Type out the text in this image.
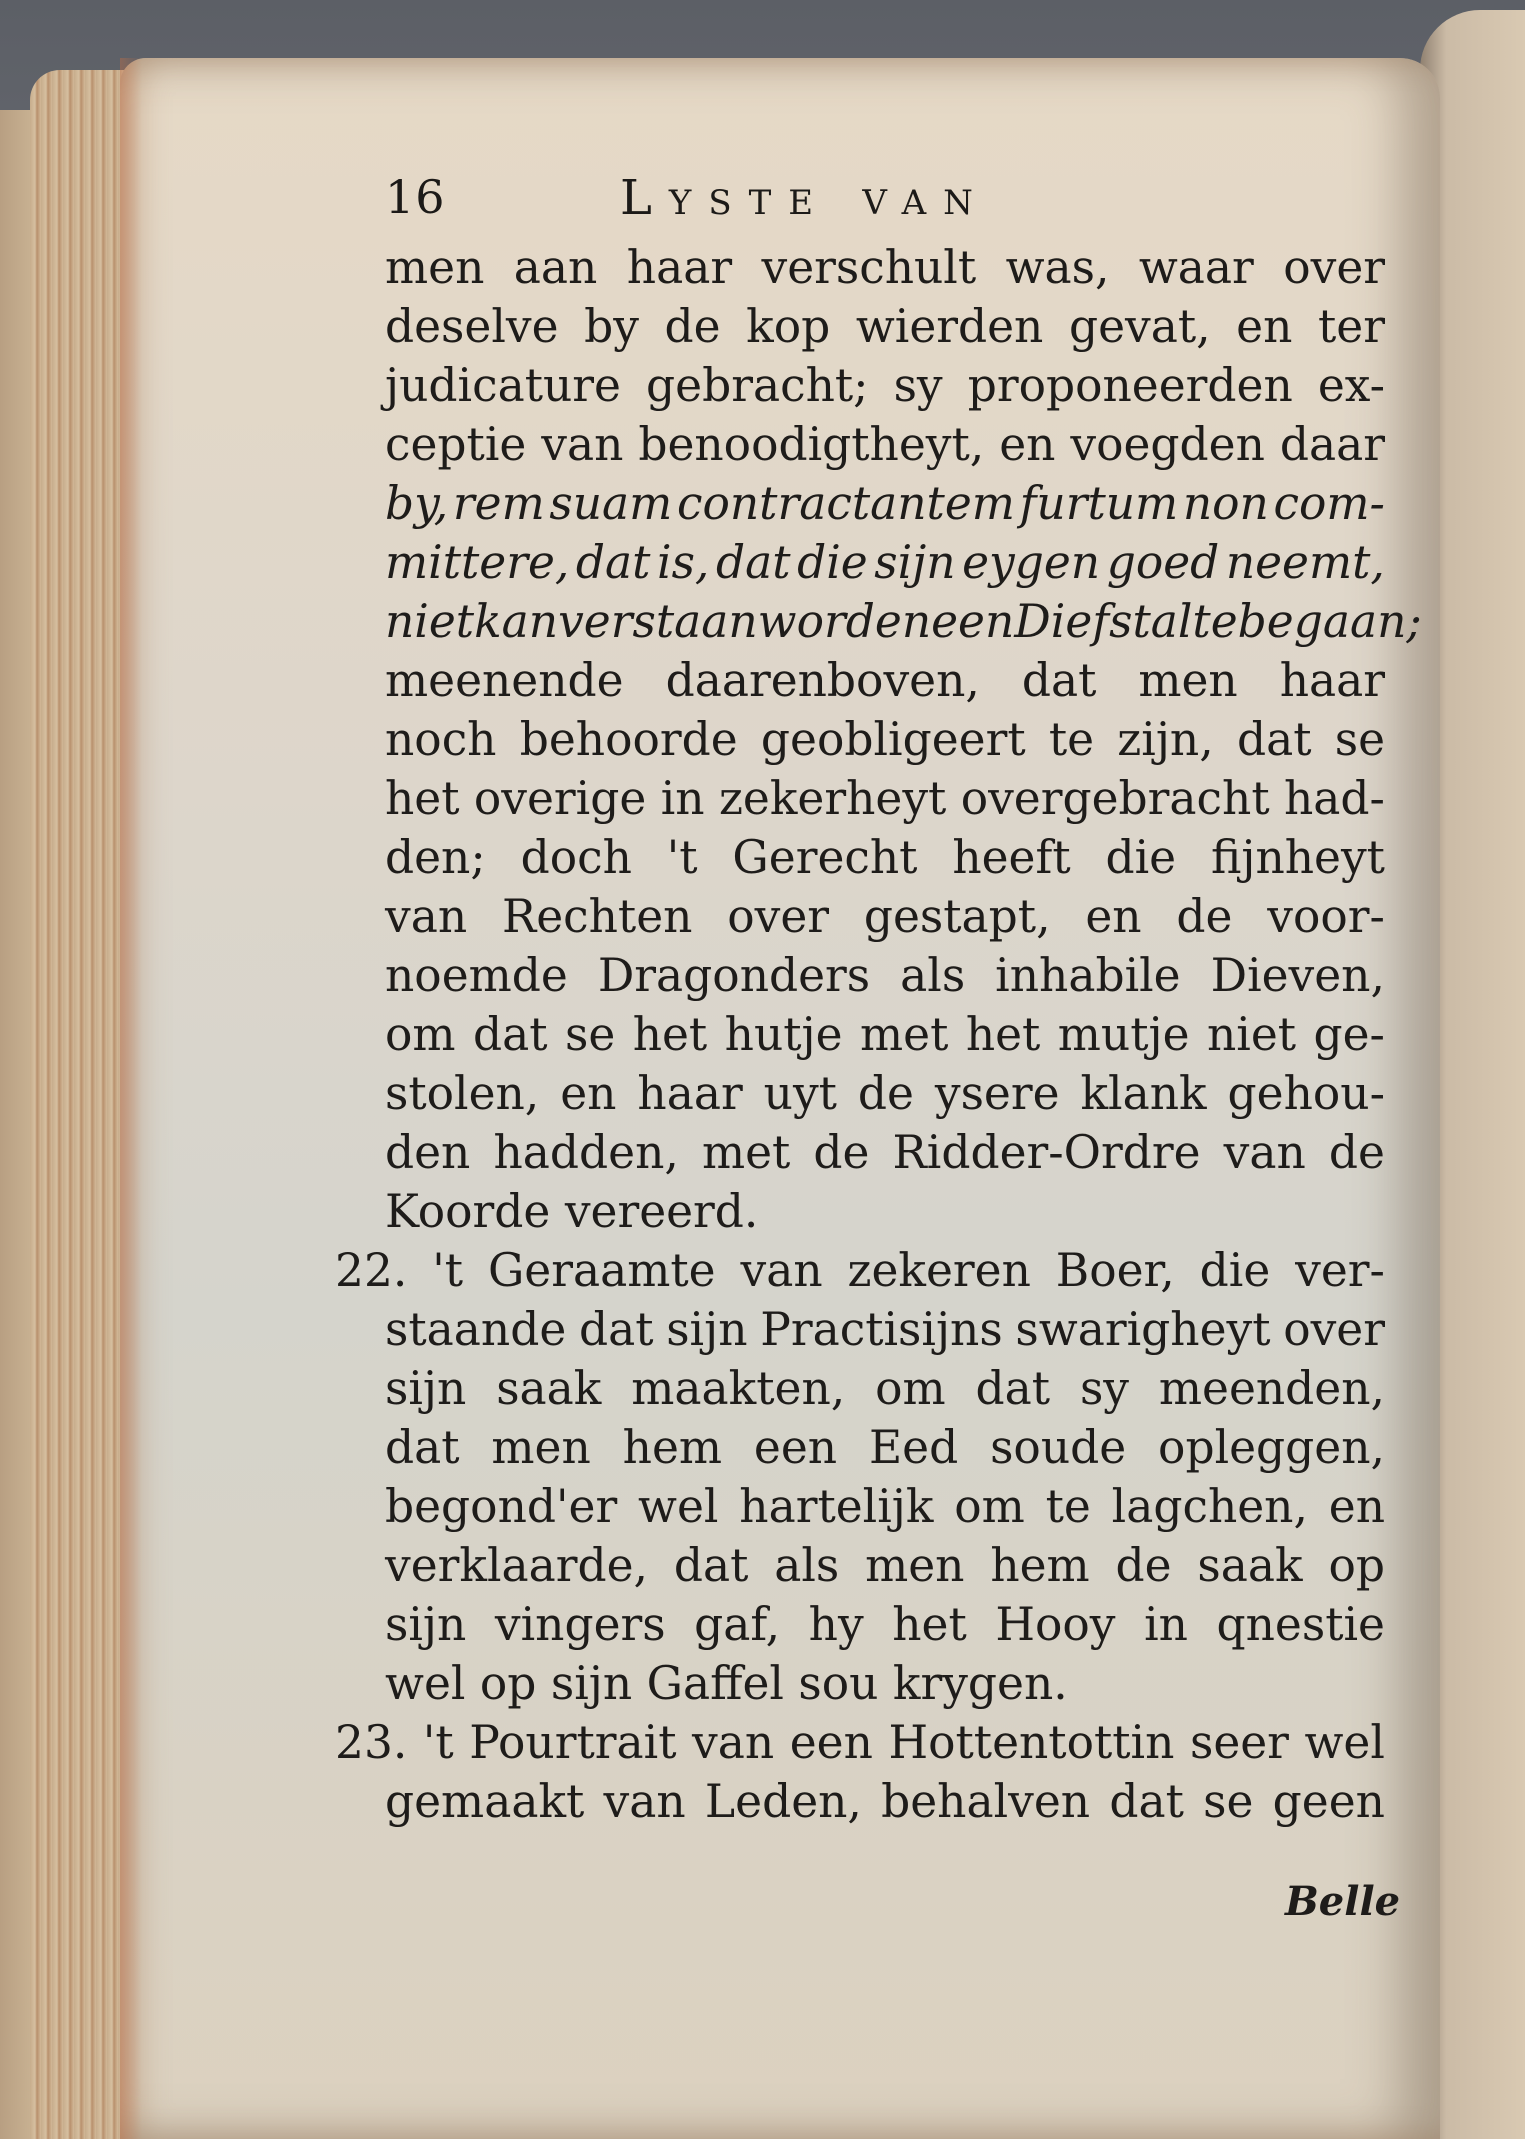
16	Lyste van
men aan haar verschult was, waar over
deselve by de kop wierden gevat, en ter
judicature gebracht; sy proponeerden ex-
ceptie van benoodigtheyt, en voegden daar
by, rem suam contractantem furtum non com-
mittere, dat is, dat die sijn eygen goed neemt,
niet kan verstaan worden een Diefstal te begaan;
meenende daarenboven, dat men haar
noch behoorde geobligeert te zijn, dat se
het overige in zekerheyt overgebracht had-
den; doch 't Gerecht heeft die fijnheyt
van Rechten over gestapt, en de voor-
noemde Dragonders als inhabile Dieven,
om dat se het hutje met het mutje niet ge-
stolen, en haar uyt de ysere klank gehou-
den hadden, met de Ridder-Ordre van de
Koorde vereerd.
22. 't Geraamte van zekeren Boer, die ver-
staande dat sijn Practisijns swarigheyt over
sijn saak maakten, om dat sy meenden,
dat men hem een Eed soude opleggen,
begond'er wel hartelijk om te lagchen, en
verklaarde, dat als men hem de saak op
sijn vingers gaf, hy het Hooy in qnestie
wel op sijn Gaffel sou krygen.
23. 't Pourtrait van een Hottentottin seer wel
gemaakt van Leden, behalven dat se geen
Belle
